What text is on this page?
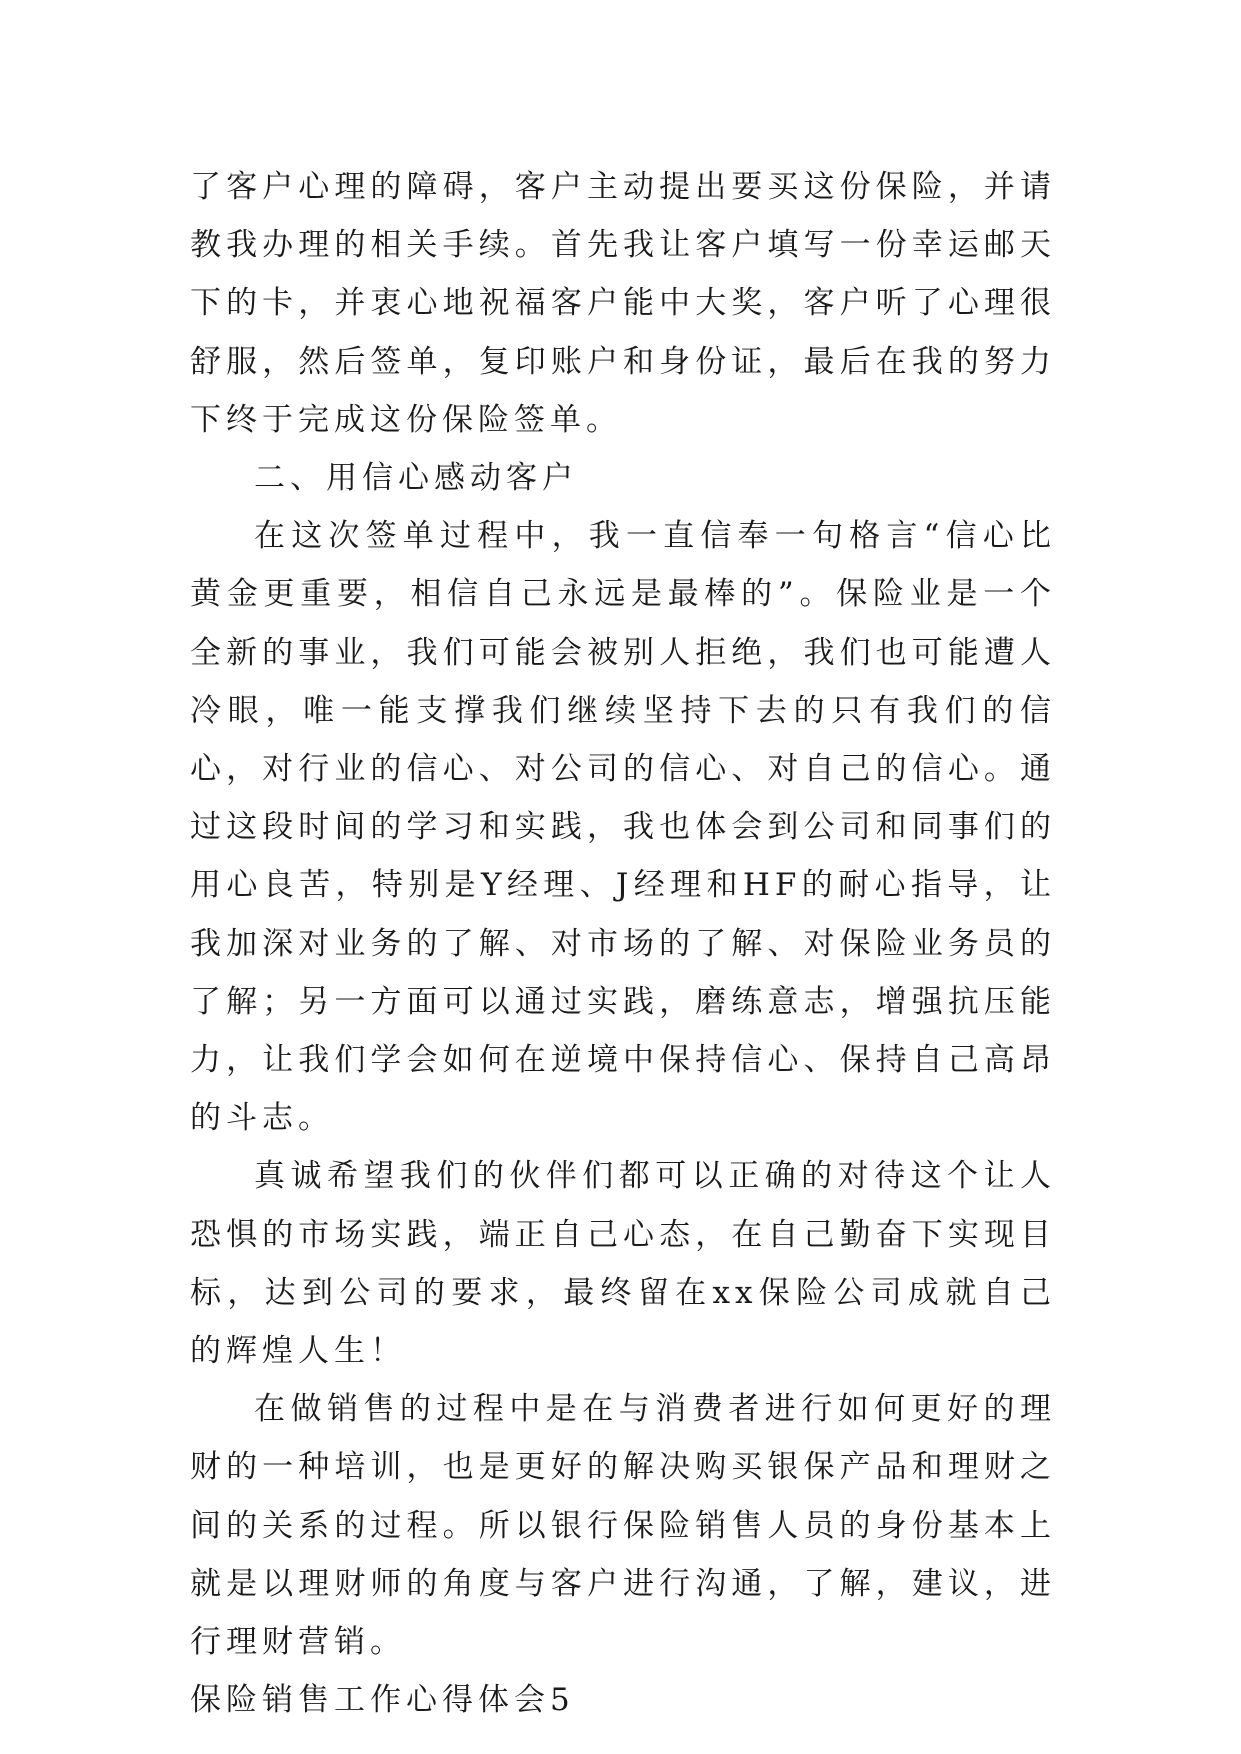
了客户心理的障碍，客户主动提出要买这份保险，并请教我办理的相关手续。首先我让客户填写一份幸运邮天下的卡，并衷心地祝福客户能中大奖，客户听了心理很舒服，然后签单，复印账户和身份证，最后在我的努力下终于完成这份保险签单。

二、用信心感动客户

在这次签单过程中，我一直信奉一句格言“信心比黄金更重要，相信自己永远是最棒的”。保险业是一个全新的事业，我们可能会被别人拒绝，我们也可能遭人冷眼，唯一能支撑我们继续坚持下去的只有我们的信心，对行业的信心、对公司的信心、对自己的信心。通过这段时间的学习和实践，我也体会到公司和同事们的用心良苦，特别是Y经理、J经理和HF的耐心指导，让我加深对业务的了解、对市场的了解、对保险业务员的了解；另一方面可以通过实践，磨练意志，增强抗压能力，让我们学会如何在逆境中保持信心、保持自己高昂的斗志。

真诚希望我们的伙伴们都可以正确的对待这个让人恐惧的市场实践，端正自己心态，在自己勤奋下实现目标，达到公司的要求，最终留在xx保险公司成就自己的辉煌人生！

在做销售的过程中是在与消费者进行如何更好的理财的一种培训，也是更好的解决购买银保产品和理财之间的关系的过程。所以银行保险销售人员的身份基本上就是以理财师的角度与客户进行沟通，了解，建议，进行理财营销。

保险销售工作心得体会5
